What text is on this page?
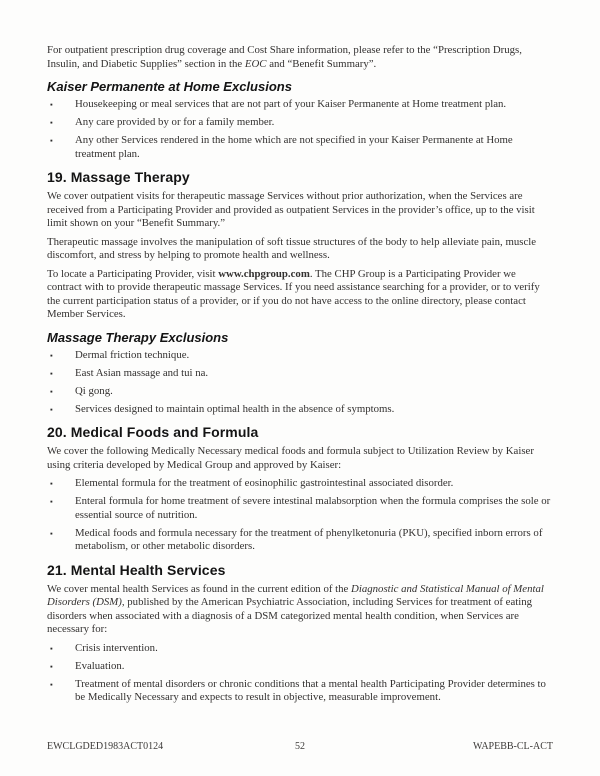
For outpatient prescription drug coverage and Cost Share information, please refer to the “Prescription Drugs, Insulin, and Diabetic Supplies” section in the EOC and “Benefit Summary”.

Kaiser Permanente at Home Exclusions
▪ Housekeeping or meal services that are not part of your Kaiser Permanente at Home treatment plan.
▪ Any care provided by or for a family member.
▪ Any other Services rendered in the home which are not specified in your Kaiser Permanente at Home treatment plan.
19. Massage Therapy

We cover outpatient visits for therapeutic massage Services without prior authorization, when the Services are received from a Participating Provider and provided as outpatient Services in the provider’s office, up to the visit limit shown on your “Benefit Summary.”

Therapeutic massage involves the manipulation of soft tissue structures of the body to help alleviate pain, muscle discomfort, and stress by helping to promote health and wellness.

To locate a Participating Provider, visit www.chpgroup.com. The CHP Group is a Participating Provider we contract with to provide therapeutic massage Services. If you need assistance searching for a provider, or to verify the current participation status of a provider, or if you do not have access to the online directory, please contact Member Services.

Massage Therapy Exclusions
▪ Dermal friction technique.
▪ East Asian massage and tui na.
▪ Qi gong.
▪ Services designed to maintain optimal health in the absence of symptoms.
20. Medical Foods and Formula

We cover the following Medically Necessary medical foods and formula subject to Utilization Review by Kaiser using criteria developed by Medical Group and approved by Kaiser:

▪ Elemental formula for the treatment of eosinophilic gastrointestinal associated disorder.
▪ Enteral formula for home treatment of severe intestinal malabsorption when the formula comprises the sole or essential source of nutrition.
▪ Medical foods and formula necessary for the treatment of phenylketonuria (PKU), specified inborn errors of metabolism, or other metabolic disorders.
21. Mental Health Services

We cover mental health Services as found in the current edition of the Diagnostic and Statistical Manual of Mental Disorders (DSM), published by the American Psychiatric Association, including Services for treatment of eating disorders when associated with a diagnosis of a DSM categorized mental health condition, when Services are necessary for:

▪ Crisis intervention.
▪ Evaluation.
▪ Treatment of mental disorders or chronic conditions that a mental health Participating Provider determines to be Medically Necessary and expects to result in objective, measurable improvement.
EWCLGDED1983ACT0124	52	WAPEBB-CL-ACT
